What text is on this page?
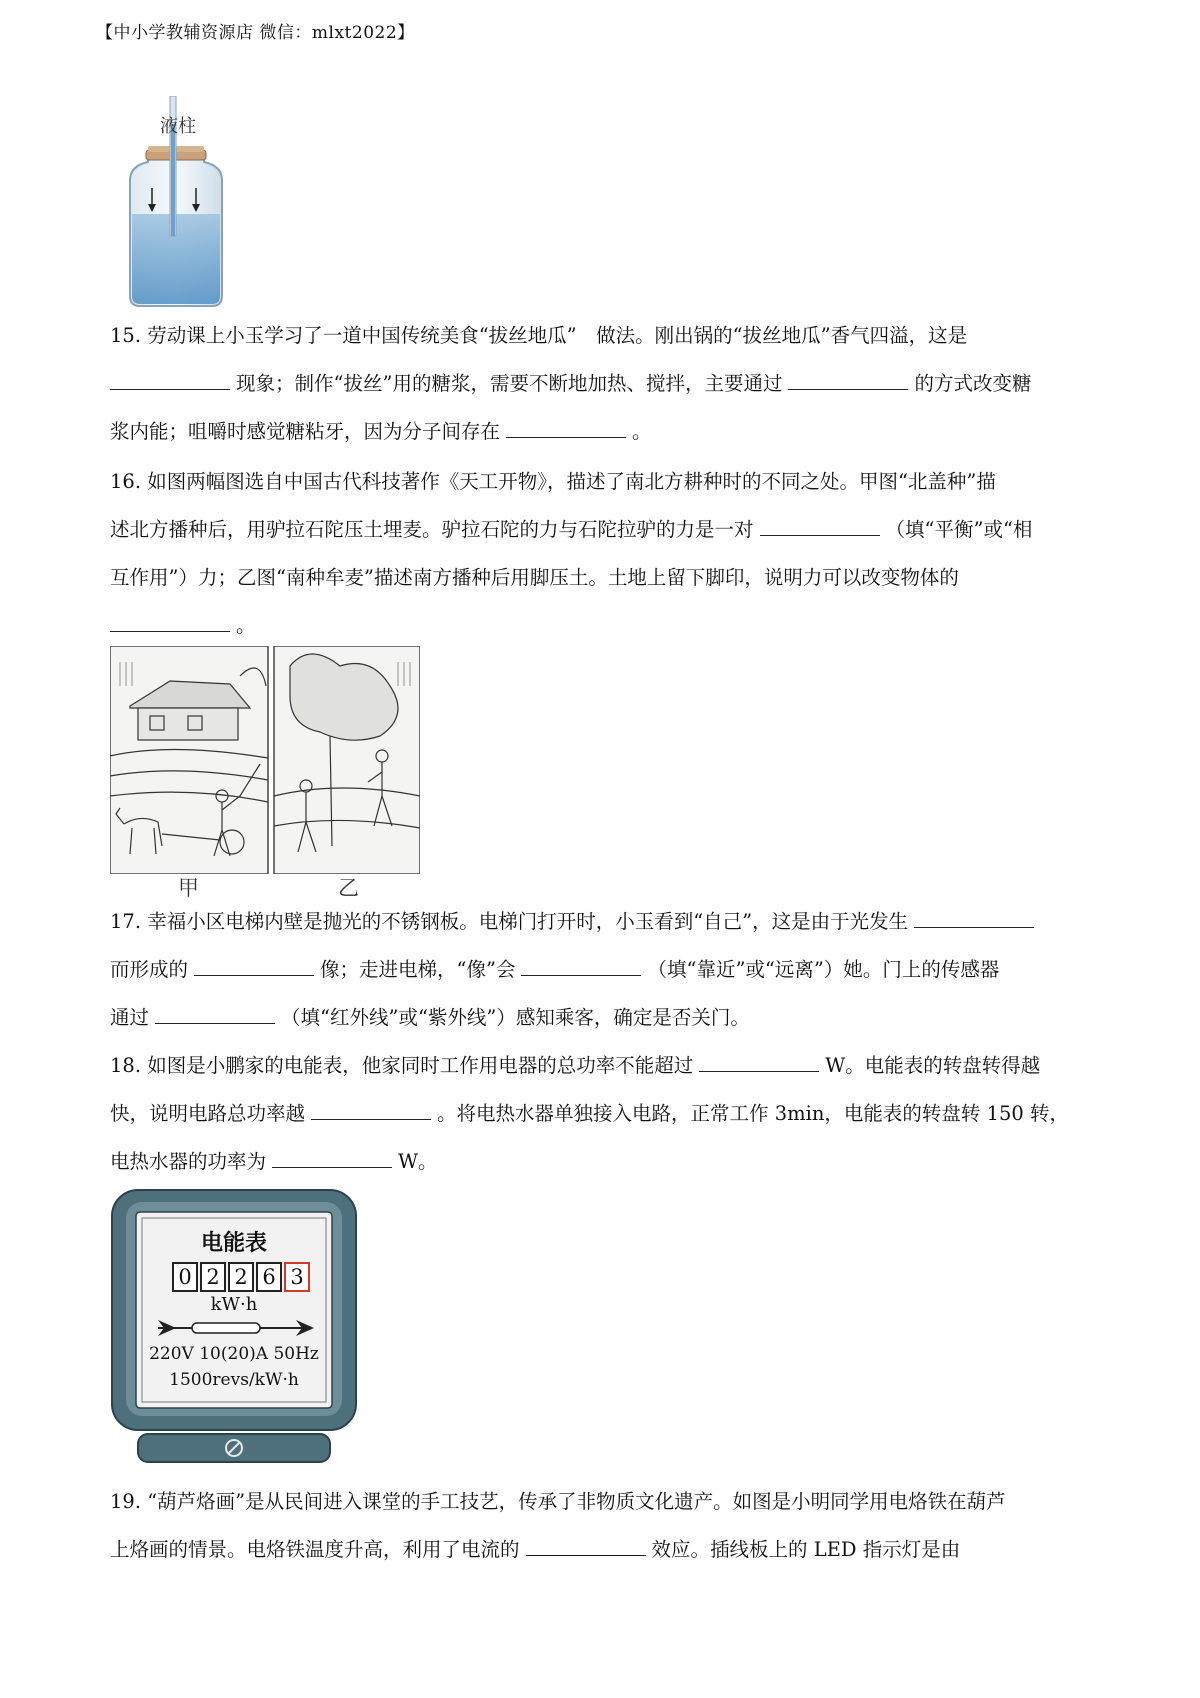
【中小学教辅资源店 微信：mlxt2022】
液柱
15. 劳动课上小玉学习了一道中国传统美食“拔丝地瓜”　做法。刚出锅的“拔丝地瓜”香气四溢，这是
现象；制作“拔丝”用的糖浆，需要不断地加热、搅拌，主要通过	的方式改变糖
浆内能；咀嚼时感觉糖粘牙，因为分子间存在	。
16. 如图两幅图选自中国古代科技著作《天工开物》，描述了南北方耕种时的不同之处。甲图“北盖种”描
述北方播种后，用驴拉石陀压土埋麦。驴拉石陀的力与石陀拉驴的力是一对	（填“平衡”或“相
互作用”）力；乙图“南种牟麦”描述南方播种后用脚压土。土地上留下脚印，说明力可以改变物体的
。
甲	乙
17. 幸福小区电梯内壁是抛光的不锈钢板。电梯门打开时，小玉看到“自己”，这是由于光发生
而形成的	像；走进电梯，“像”会	（填“靠近”或“远离”）她。门上的传感器
通过	（填“红外线”或“紫外线”）感知乘客，确定是否关门。
18. 如图是小鹏家的电能表，他家同时工作用电器的总功率不能超过	W。电能表的转盘转得越
快，说明电路总功率越	。将电热水器单独接入电路，正常工作 3min，电能表的转盘转 150 转，
电热水器的功率为	W。
电能表
0 2 2 6 3
kW·h
220V 10(20)A 50Hz
1500revs/kW·h
19. “葫芦烙画”是从民间进入课堂的手工技艺，传承了非物质文化遗产。如图是小明同学用电烙铁在葫芦
上烙画的情景。电烙铁温度升高，利用了电流的	效应。插线板上的 LED 指示灯是由
